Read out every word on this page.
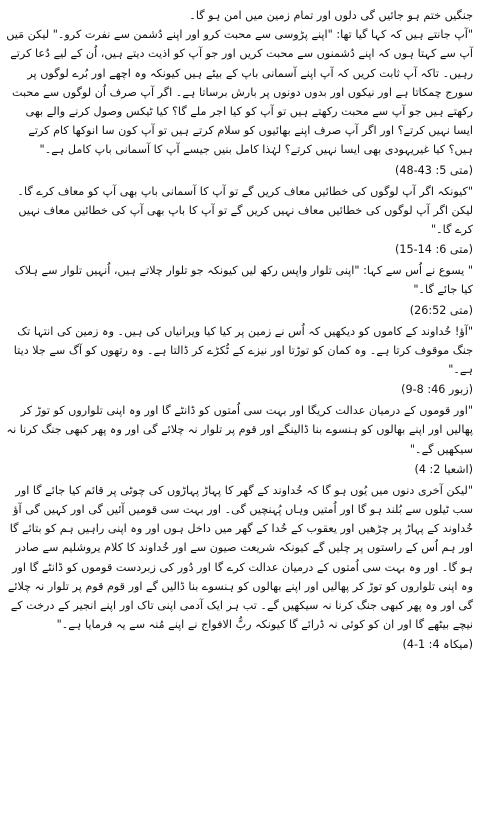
جنگیں ختم ہو جائیں گی دلوں اور تمام زمین میں امن ہو گا۔

"آپ جانتے ہیں کہ کہا گیا تھا: "اپنے پڑوسی سے محبت کرو اور اپنے دُشمن سے نفرت کرو۔" لیکن مَیں آپ سے کہتا ہوں کہ اپنے دُشمنوں سے محبت کریں اور جو آپ کو اذیت دیتے ہیں، اُن کے لیے دُعا کرتے رہیں۔ تاکہ آپ ثابت کریں کہ آپ اپنے آسمانی باپ کے بیٹے ہیں کیونکہ وہ اچھے اور بُرے لوگوں پر سورج چمکاتا ہے اور نیکوں اور بدوں دونوں پر بارش برساتا ہے۔ اگر آپ صرف اُن لوگوں سے محبت رکھتے ہیں جو آپ سے محبت رکھتے ہیں تو آپ کو کیا اجر ملے گا؟ کیا ٹیکس وصول کرنے والے بھی ایسا نہیں کرتے؟ اور اگر آپ صرف اپنے بھائیوں کو سلام کرتے ہیں تو آپ کون سا انوکھا کام کرتے ہیں؟ کیا غیریہودی بھی ایسا نہیں کرتے؟ لہٰذا کامل بنیں جیسے آپ کا آسمانی باپ کامل ہے۔"

(متی 5: 43-48)

"کیونکہ اگر آپ لوگوں کی خطائیں معاف کریں گے تو آپ کا آسمانی باپ بھی آپ کو معاف کرے گا۔ لیکن اگر آپ لوگوں کی خطائیں معاف نہیں کریں گے تو آپ کا باپ بھی آپ کی خطائیں معاف نہیں کرے گا۔"

(متی 6: 14-15)

" یسوع نے اُس سے کہا: "اپنی تلوار واپس رکھ لیں کیونکہ جو تلوار چلاتے ہیں، اُنہیں تلوار سے ہلاک کیا جائے گا۔"

(متی 26:52)

"آؤ! خُداوند کے کاموں کو دیکھیں کہ اُس نے زمین پر کیا کیا ویرانیاں کی ہیں۔ وہ زمین کی انتہا تک جنگ موقوف کرتا ہے۔ وہ کمان کو توڑتا اور نیزے کے ٹُکڑے کر ڈالتا ہے۔ وہ رتھوں کو آگ سے جلا دیتا ہے۔"

(زبور 46: 8-9)

"اور قوموں کے درمیان عدالت کریگا اور بہت سی اُمتوں کو ڈانٹے گا اور وہ اپنی تلواروں کو توڑ کر پھالیں اور اپنے بھالوں کو ہنسوے بنا ڈالینگے اور قوم پر تلوار نہ چلائے گی اور وہ پھر کبھی جنگ کرنا نہ سیکھیں گے۔"

(اشعیا 2: 4)

"لیکن آخری دنوں میں یُوں ہو گا کہ خُداوند کے گھر کا پہاڑ پہاڑوں کی چوٹی پر قائم کیا جائے گا اور سب ٹیلوں سے بُلند ہو گا اور اُمتیں وہاں پُہنچیں گی۔ اور بہت سی قومیں آئیں گی اور کہیں گی آؤ خُداوند کے پہاڑ پر چڑھیں اور یعقوب کے خُدا کے گھر میں داخل ہوں اور وہ اپنی راہیں ہم کو بتائے گا اور ہم اُس کے راستوں پر چلیں گے کیونکہ شریعت صیون سے اور خُداوند کا کلام یروشلیم سے صادر ہو گا۔ اور وہ بہت سی اُمتوں کے درمیان عدالت کرے گا اور دُور کی زبردست قوموں کو ڈانٹے گا اور وہ اپنی تلواروں کو توڑ کر پھالیں اور اپنے بھالوں کو ہنسوے بنا ڈالیں گے اور قوم قوم پر تلوار نہ چلائے گی اور وہ پھر کبھی جنگ کرنا نہ سیکھیں گے۔ تب ہر ایک آدمی اپنی تاک اور اپنے انجیر کے درخت کے نیچے بیٹھے گا اور ان کو کوئی نہ ڈرائے گا کیونکہ ربُّ الافواج نے اپنے مُنہ سے یہ فرمایا ہے۔"

(میکاہ 4: 1-4)
